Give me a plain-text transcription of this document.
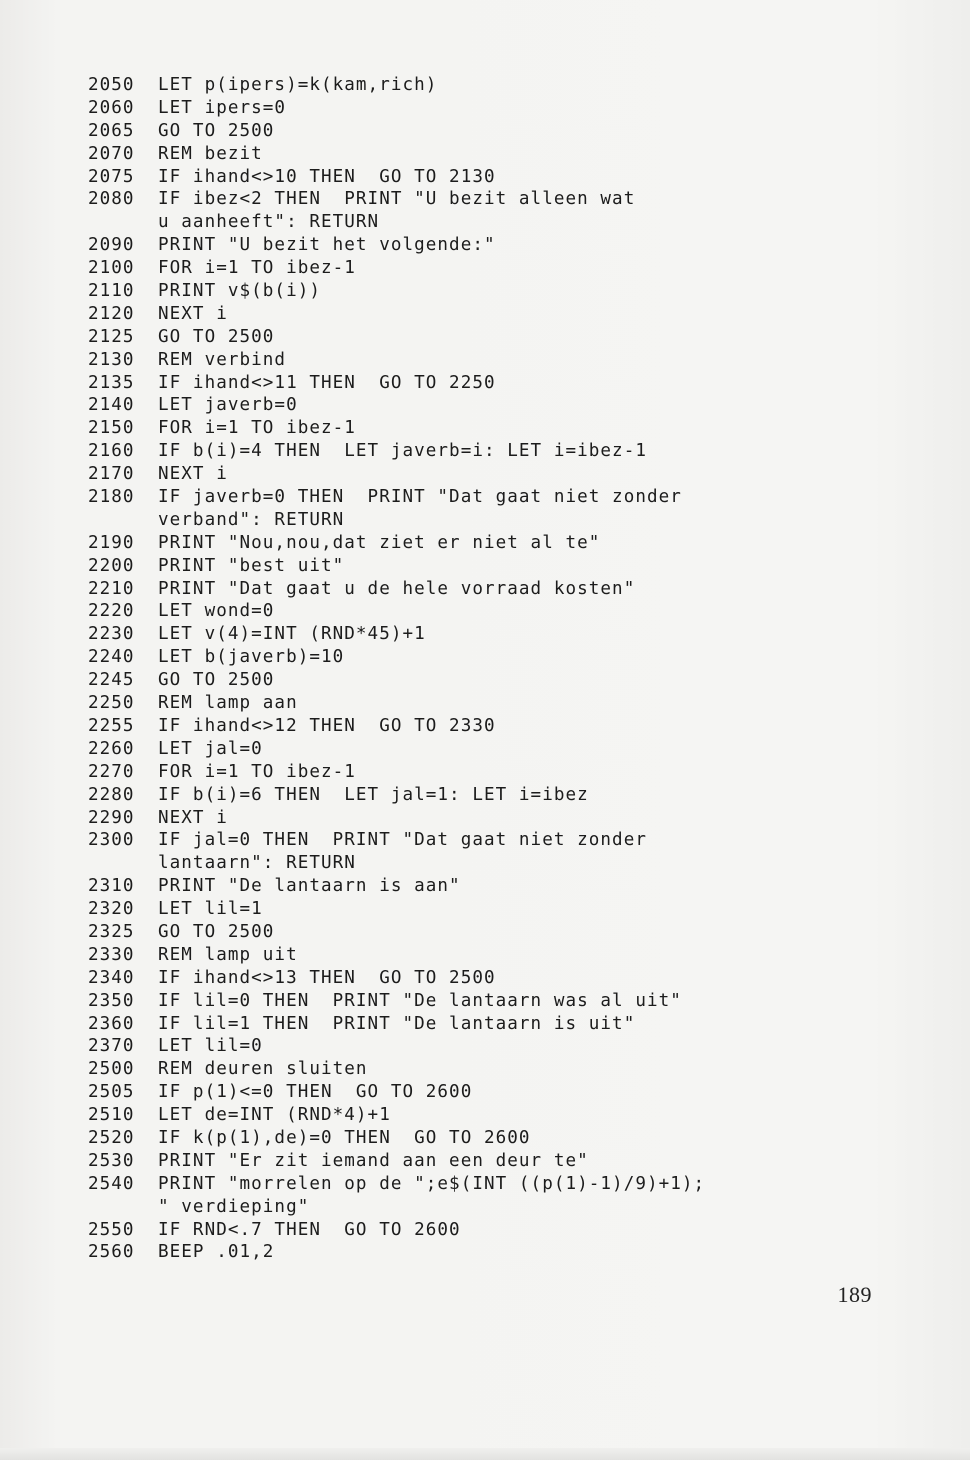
2050	LET p(ipers)=k(kam,rich)
2060	LET ipers=0
2065	GO TO 2500
2070	REM bezit
2075	IF ihand<>10 THEN  GO TO 2130
2080	IF ibez<2 THEN  PRINT "U bezit alleen wat
u aanheeft": RETURN
2090	PRINT "U bezit het volgende:"
2100	FOR i=1 TO ibez-1
2110	PRINT v$(b(i))
2120	NEXT i
2125	GO TO 2500
2130	REM verbind
2135	IF ihand<>11 THEN  GO TO 2250
2140	LET javerb=0
2150	FOR i=1 TO ibez-1
2160	IF b(i)=4 THEN  LET javerb=i: LET i=ibez-1
2170	NEXT i
2180	IF javerb=0 THEN  PRINT "Dat gaat niet zonder
verband": RETURN
2190	PRINT "Nou,nou,dat ziet er niet al te"
2200	PRINT "best uit"
2210	PRINT "Dat gaat u de hele vorraad kosten"
2220	LET wond=0
2230	LET v(4)=INT (RND*45)+1
2240	LET b(javerb)=10
2245	GO TO 2500
2250	REM lamp aan
2255	IF ihand<>12 THEN  GO TO 2330
2260	LET jal=0
2270	FOR i=1 TO ibez-1
2280	IF b(i)=6 THEN  LET jal=1: LET i=ibez
2290	NEXT i
2300	IF jal=0 THEN  PRINT "Dat gaat niet zonder
lantaarn": RETURN
2310	PRINT "De lantaarn is aan"
2320	LET lil=1
2325	GO TO 2500
2330	REM lamp uit
2340	IF ihand<>13 THEN  GO TO 2500
2350	IF lil=0 THEN  PRINT "De lantaarn was al uit"
2360	IF lil=1 THEN  PRINT "De lantaarn is uit"
2370	LET lil=0
2500	REM deuren sluiten
2505	IF p(1)<=0 THEN  GO TO 2600
2510	LET de=INT (RND*4)+1
2520	IF k(p(1),de)=0 THEN  GO TO 2600
2530	PRINT "Er zit iemand aan een deur te"
2540	PRINT "morrelen op de ";e$(INT ((p(1)-1)/9)+1);
" verdieping"
2550	IF RND<.7 THEN  GO TO 2600
2560	BEEP .01,2
189
